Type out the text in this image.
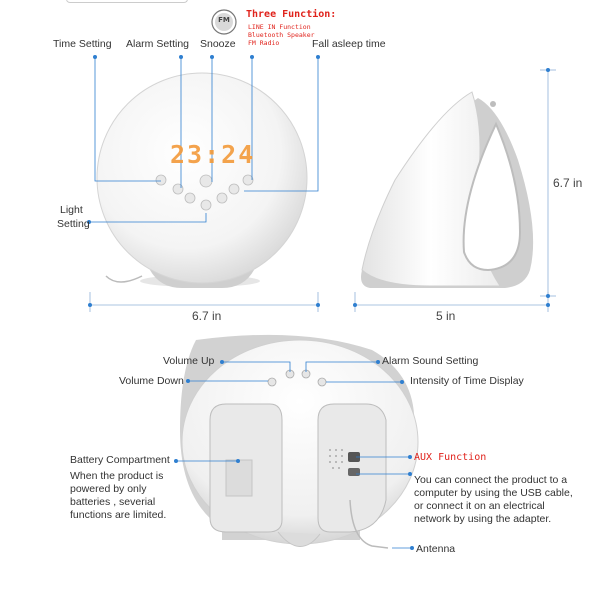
Time Setting Alarm Setting Snooze	Fall asleep time
Light
Setting
FM	Three Function:
LINE IN Function
Bluetooth Speaker
FM Radio
23:24
6.7 in	5 in
6.7 in
Volume Up
Volume Down
Alarm Sound Setting
Intensity of Time Display
Battery Compartment
When the product is powered by only batteries , severial functions are limited.
AUX Function
You can connect the product to a computer by using the USB cable, or connect it on an electrical network by using the adapter.
Antenna
